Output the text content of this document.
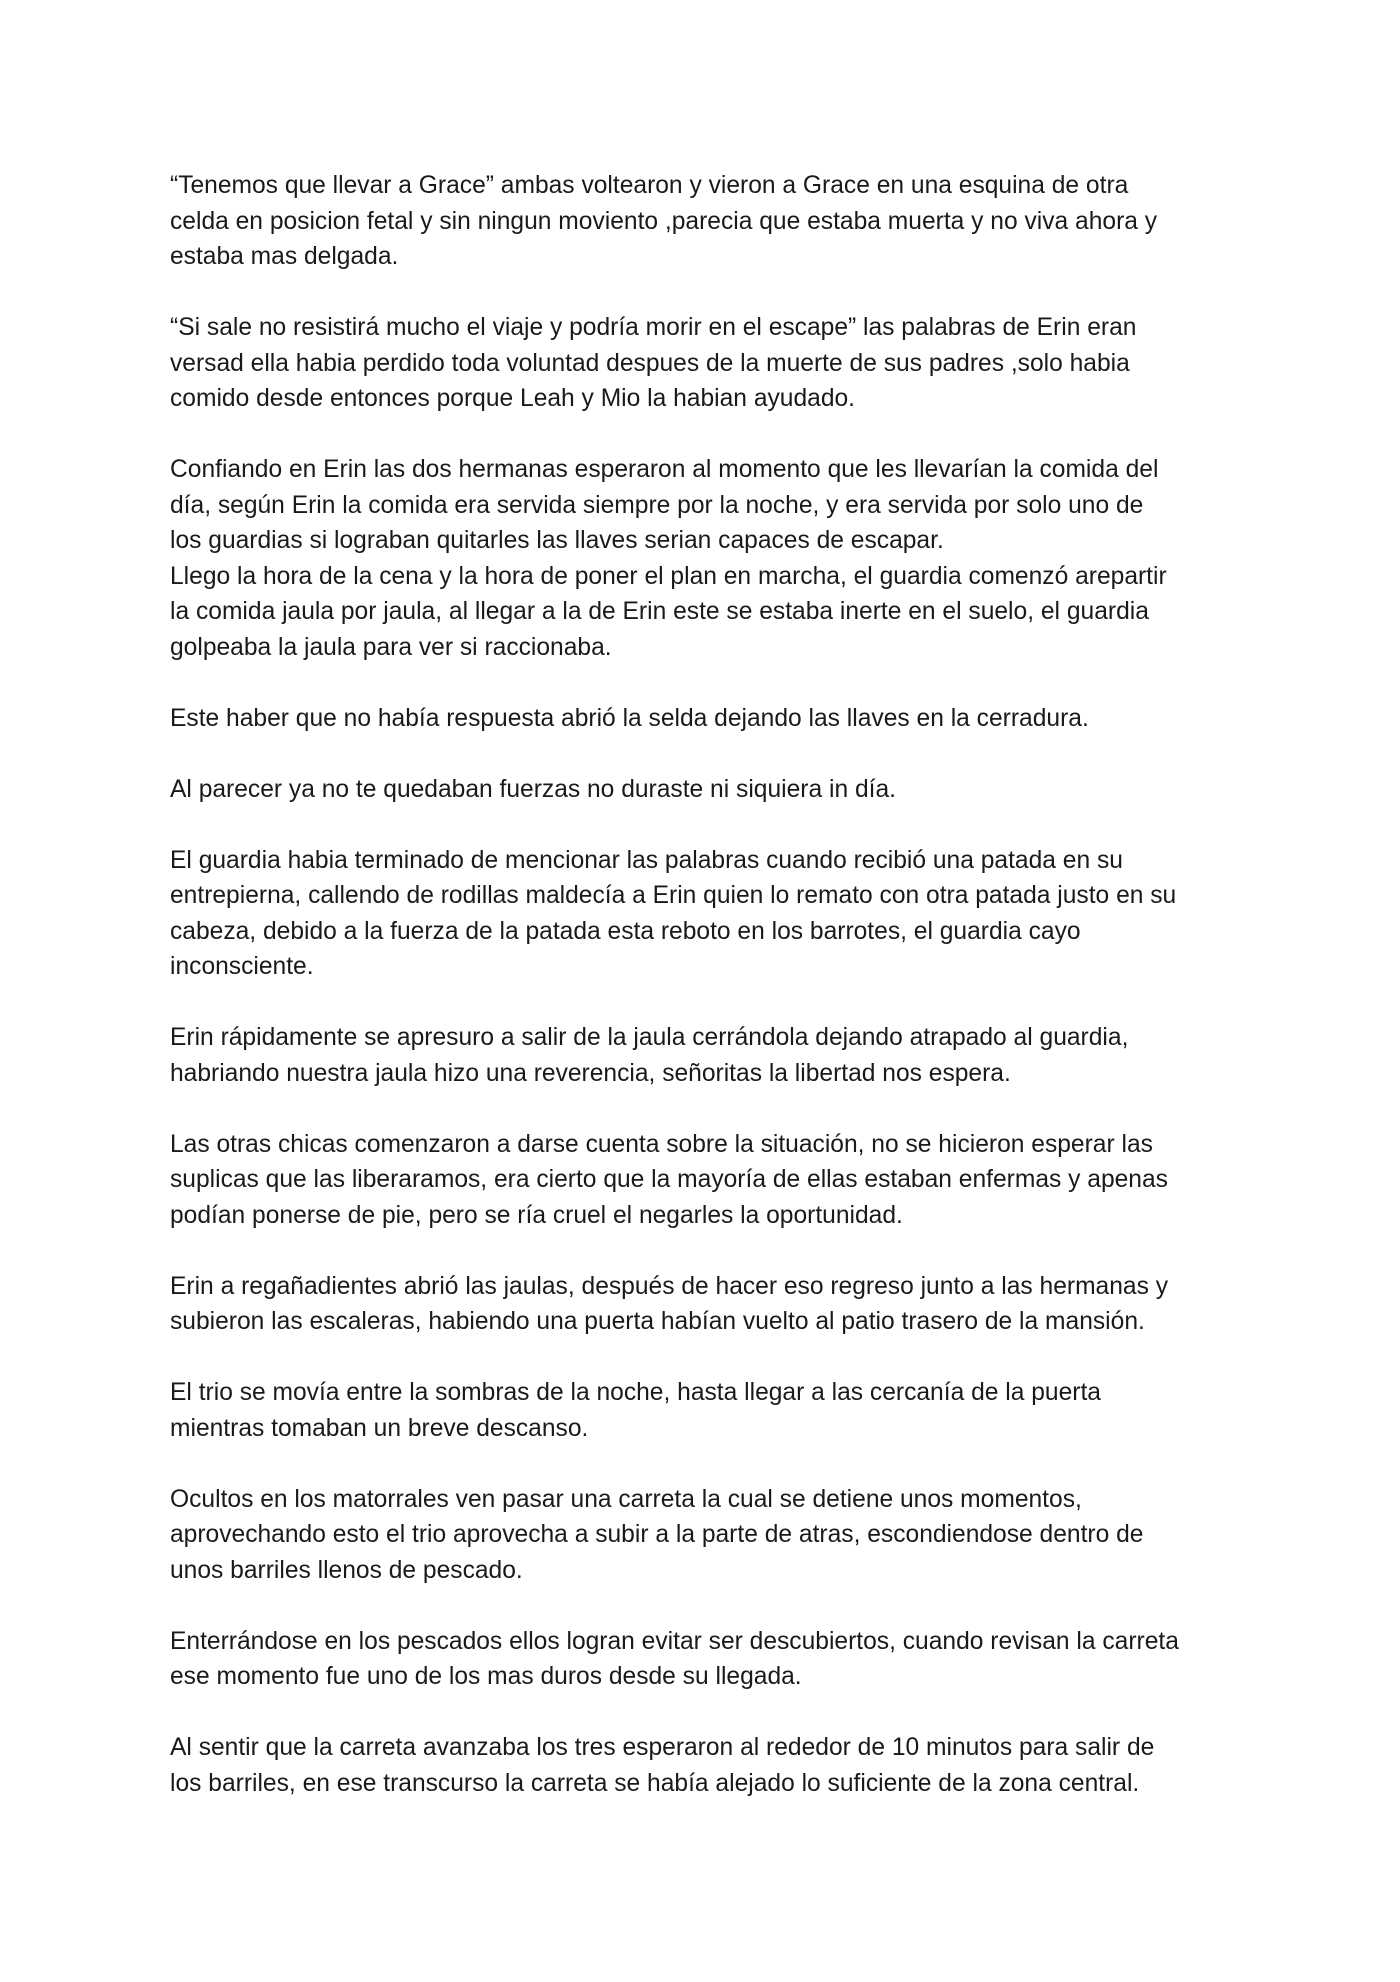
“Tenemos que llevar a Grace” ambas voltearon y vieron a Grace en una esquina de otra
celda en posicion fetal y sin ningun moviento ,parecia que estaba muerta y no viva ahora y
estaba mas delgada.

“Si sale no resistirá mucho el viaje y podría morir en el escape” las palabras de Erin eran
versad ella habia perdido toda voluntad despues de la muerte de sus padres ,solo habia
comido desde entonces porque Leah y Mio la habian ayudado.

Confiando en Erin las dos hermanas esperaron al momento que les llevarían la comida del
día, según Erin la comida era servida siempre por la noche, y era servida por solo uno de
los guardias si lograban quitarles las llaves serian capaces de escapar.

Llego la hora de la cena y la hora de poner el plan en marcha, el guardia comenzó arepartir
la comida jaula por jaula, al llegar a la de Erin este se estaba inerte en el suelo, el guardia
golpeaba la jaula para ver si raccionaba.

Este haber que no había respuesta abrió la selda dejando las llaves en la cerradura.

Al parecer ya no te quedaban fuerzas no duraste ni siquiera in día.

El guardia habia terminado de mencionar las palabras cuando recibió una patada en su
entrepierna, callendo de rodillas maldecía a Erin quien lo remato con otra patada justo en su
cabeza, debido a la fuerza de la patada esta reboto en los barrotes, el guardia cayo
inconsciente.

Erin rápidamente se apresuro a salir de la jaula cerrándola dejando atrapado al guardia,
habriando nuestra jaula hizo una reverencia, señoritas la libertad nos espera.

Las otras chicas comenzaron a darse cuenta sobre la situación, no se hicieron esperar las
suplicas que las liberaramos, era cierto que la mayoría de ellas estaban enfermas y apenas
podían ponerse de pie, pero se ría cruel el negarles la oportunidad.

Erin a regañadientes abrió las jaulas, después de hacer eso regreso junto a las hermanas y
subieron las escaleras, habiendo una puerta habían vuelto al patio trasero de la mansión.

El trio se movía entre la sombras de la noche, hasta llegar a las cercanía de la puerta
mientras tomaban un breve descanso.

Ocultos en los matorrales ven pasar una carreta la cual se detiene unos momentos,
aprovechando esto el trio aprovecha a subir a la parte de atras, escondiendose dentro de
unos barriles llenos de pescado.

Enterrándose en los pescados ellos logran evitar ser descubiertos, cuando revisan la carreta
ese momento fue uno de los mas duros desde su llegada.

Al sentir que la carreta avanzaba los tres esperaron al rededor de 10 minutos para salir de
los barriles, en ese transcurso la carreta se había alejado lo suficiente de la zona central.
